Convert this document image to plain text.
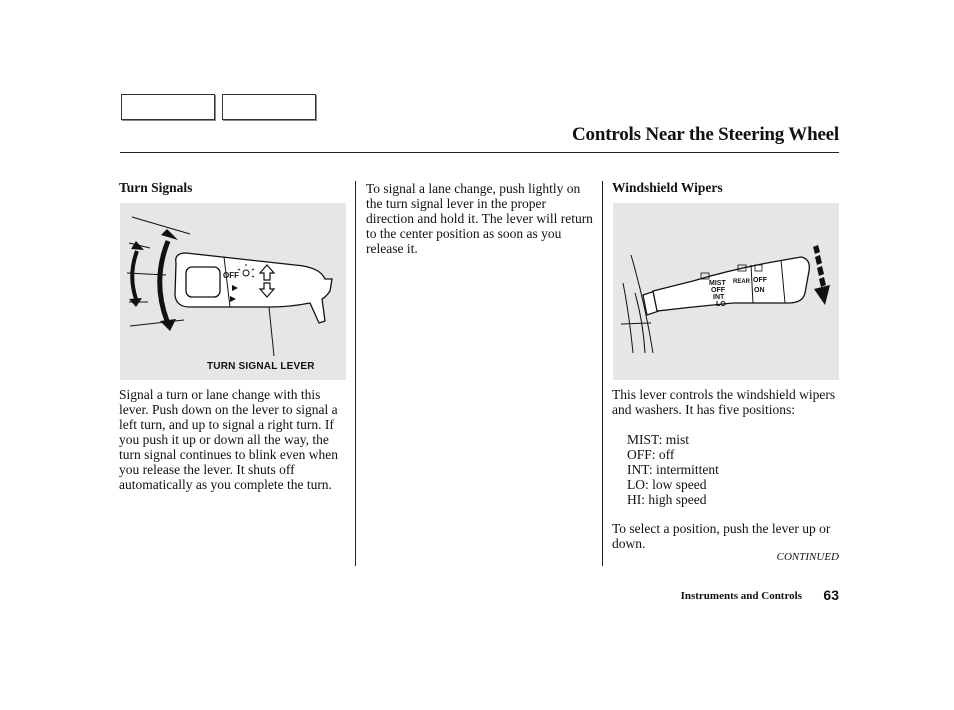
Controls Near the Steering Wheel
Turn Signals
OFF
TURN SIGNAL LEVER

Signal a turn or lane change with this lever. Push down on the lever to signal a left turn, and up to signal a right turn. If you push it up or down all the way, the turn signal continues to blink even when you release the lever. It shuts off automatically as you complete the turn.

To signal a lane change, push lightly on the turn signal lever in the proper direction and hold it. The lever will return to the center position as soon as you release it.

Windshield Wipers
MIST
OFF
INT
LO
REAR OFF
ON

This lever controls the windshield wipers and washers. It has five positions:

MIST: mist
OFF: off
INT: intermittent
LO: low speed
HI: high speed

To select a position, push the lever up or down.

CONTINUED
Instruments and Controls 63
